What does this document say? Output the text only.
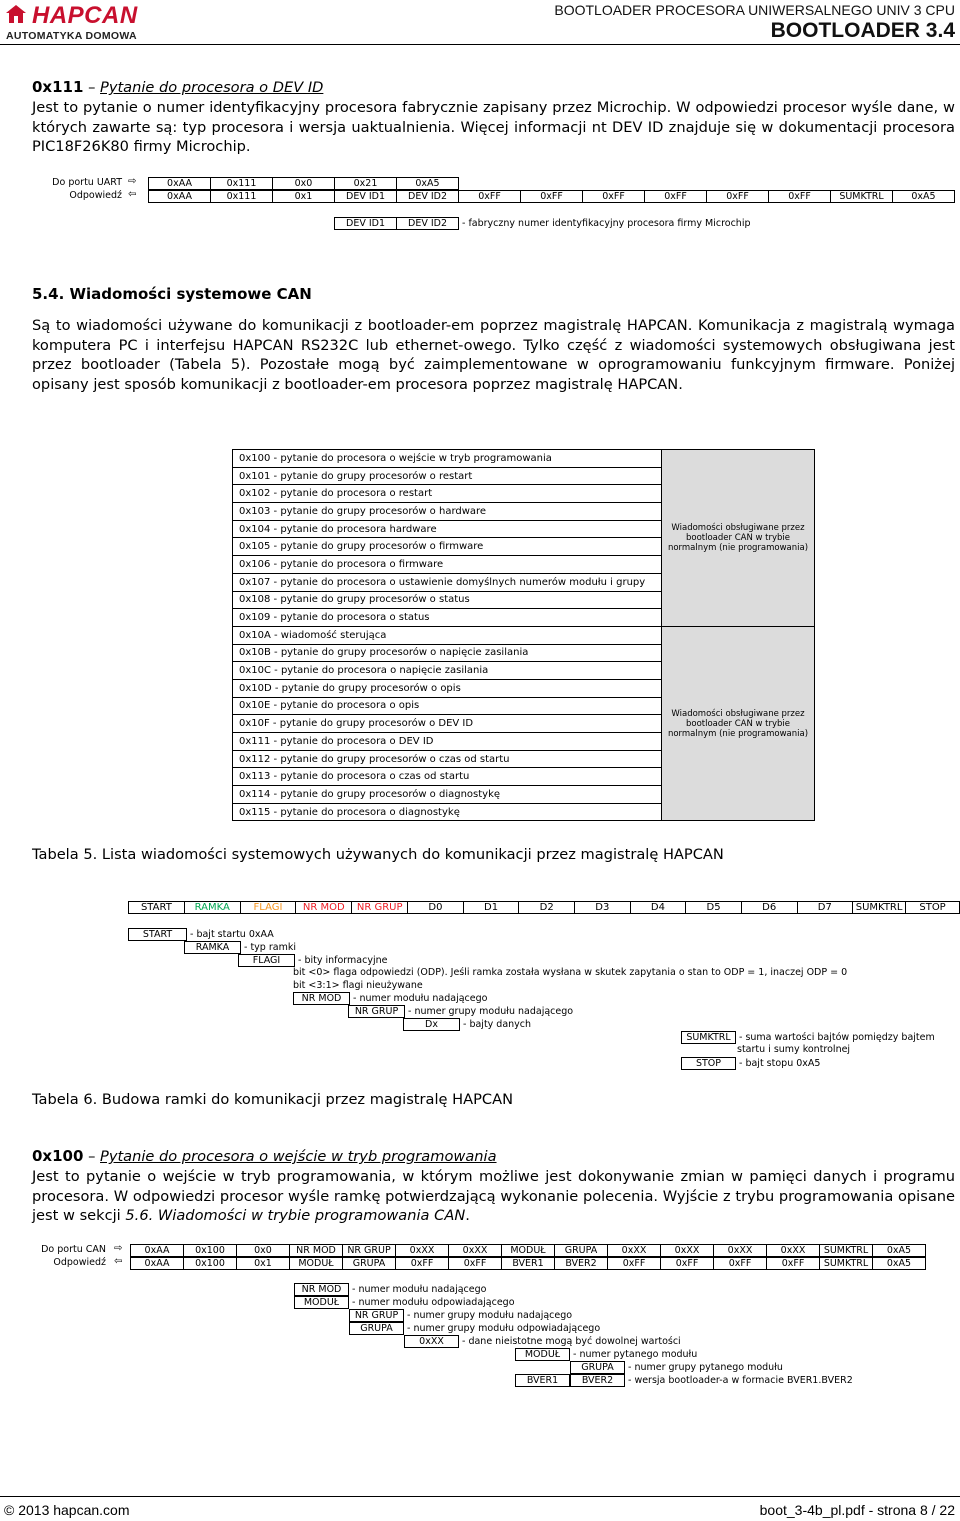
HAPCAN
AUTOMATYKA DOMOWA
BOOTLOADER PROCESORA UNIWERSALNEGO UNIV 3 CPU
BOOTLOADER 3.4
0x111 – Pytanie do procesora o DEV ID
Jest to pytanie o numer identyfikacyjny procesora fabrycznie zapisany przez Microchip. W odpowiedzi procesor wyśle dane, w których zawarte są: typ procesora i wersja uaktualnienia. Więcej informacji nt DEV ID znajduje się w dokumentacji procesora PIC18F26K80 firmy Microchip.
Do portu UART ⇨
Odpowiedź ⇦
0xAA	0x111	0x0	0x21	0xA5
0xAA	0x111	0x1	DEV ID1	DEV ID2	0xFF	0xFF	0xFF	0xFF	0xFF	0xFF	SUMKTRL	0xA5
DEV ID1	DEV ID2	- fabryczny numer identyfikacyjny procesora firmy Microchip
5.4. Wiadomości systemowe CAN
Są to wiadomości używane do komunikacji z bootloader-em poprzez magistralę HAPCAN. Komunikacja z magistralą wymaga komputera PC i interfejsu HAPCAN RS232C lub ethernet-owego. Tylko część z wiadomości systemowych obsługiwana jest przez bootloader (Tabela 5). Pozostałe mogą być zaimplementowane w oprogramowaniu funkcyjnym firmware. Poniżej opisany jest sposób komunikacji z bootloader-em procesora poprzez magistralę HAPCAN.
0x100 - pytanie do procesora o wejście w tryb programowania	Wiadomości obsługiwane przez bootloader CAN w trybie normalnym (nie programowania)
0x101 - pytanie do grupy procesorów o restart	
0x102 - pytanie do procesora o restart	
0x103 - pytanie do grupy procesorów o hardware	
0x104 - pytanie do procesora hardware	
0x105 - pytanie do grupy procesorów o firmware	
0x106 - pytanie do procesora o firmware	
0x107 - pytanie do procesora o ustawienie domyślnych numerów modułu i grupy	
0x108 - pytanie do grupy procesorów o status	
0x109 - pytanie do procesora o status	
0x10A - wiadomość sterująca	Wiadomości obsługiwane przez bootloader CAN w trybie normalnym (nie programowania)
0x10B - pytanie do grupy procesorów o napięcie zasilania	
0x10C - pytanie do procesora o napięcie zasilania	
0x10D - pytanie do grupy procesorów o opis	
0x10E - pytanie do procesora o opis	
0x10F - pytanie do grupy procesorów o DEV ID	
0x111 - pytanie do procesora o DEV ID	
0x112 - pytanie do grupy procesorów o czas od startu	
0x113 - pytanie do procesora o czas od startu	
0x114 - pytanie do grupy procesorów o diagnostykę	
0x115 - pytanie do procesora o diagnostykę	
Tabela 5. Lista wiadomości systemowych używanych do komunikacji przez magistralę HAPCAN
START	RAMKA	FLAGI	NR MOD	NR GRUP	D0	D1	D2	D3	D4	D5	D6	D7	SUMKTRL	STOP
START	- bajt startu 0xAA
RAMKA	- typ ramki
FLAGI	- bity informacyjne
bit <0> flaga odpowiedzi (ODP). Jeśli ramka została wysłana w skutek zapytania o stan to ODP = 1, inaczej ODP = 0
bit <3:1> flagi nieużywane
NR MOD	- numer modułu nadającego
NR GRUP	- numer grupy modułu nadającego
Dx	- bajty danych
SUMKTRL - suma wartości bajtów pomiędzy bajtem
startu i sumy kontrolnej
STOP	- bajt stopu 0xA5
Tabela 6. Budowa ramki do komunikacji przez magistralę HAPCAN
0x100 – Pytanie do procesora o wejście w tryb programowania
Jest to pytanie o wejście w tryb programowania, w którym możliwe jest dokonywanie zmian w pamięci danych i programu procesora. W odpowiedzi procesor wyśle ramkę potwierdzającą wykonanie polecenia. Wyjście z trybu programowania opisane jest w sekcji 5.6. Wiadomości w trybie programowania CAN.
Do portu CAN ⇨
Odpowiedź ⇦
0xAA	0x100	0x0	NR MOD	NR GRUP	0xXX	0xXX	MODUŁ	GRUPA	0xXX	0xXX	0xXX	0xXX	SUMKTRL	0xA5
0xAA	0x100	0x1	MODUŁ	GRUPA	0xFF	0xFF	BVER1	BVER2	0xFF	0xFF	0xFF	0xFF	SUMKTRL	0xA5
NR MOD	- numer modułu nadającego
MODUŁ	- numer modułu odpowiadającego
NR GRUP - numer grupy modułu nadającego
GRUPA	- numer grupy modułu odpowiadającego
0xXX	- dane nieistotne mogą być dowolnej wartości
MODUŁ	- numer pytanego modułu
GRUPA	- numer grupy pytanego modułu
BVER1	BVER2	- wersja bootloader-a w formacie BVER1.BVER2
© 2013 hapcan.com	boot_3-4b_pl.pdf - strona 8 / 22
